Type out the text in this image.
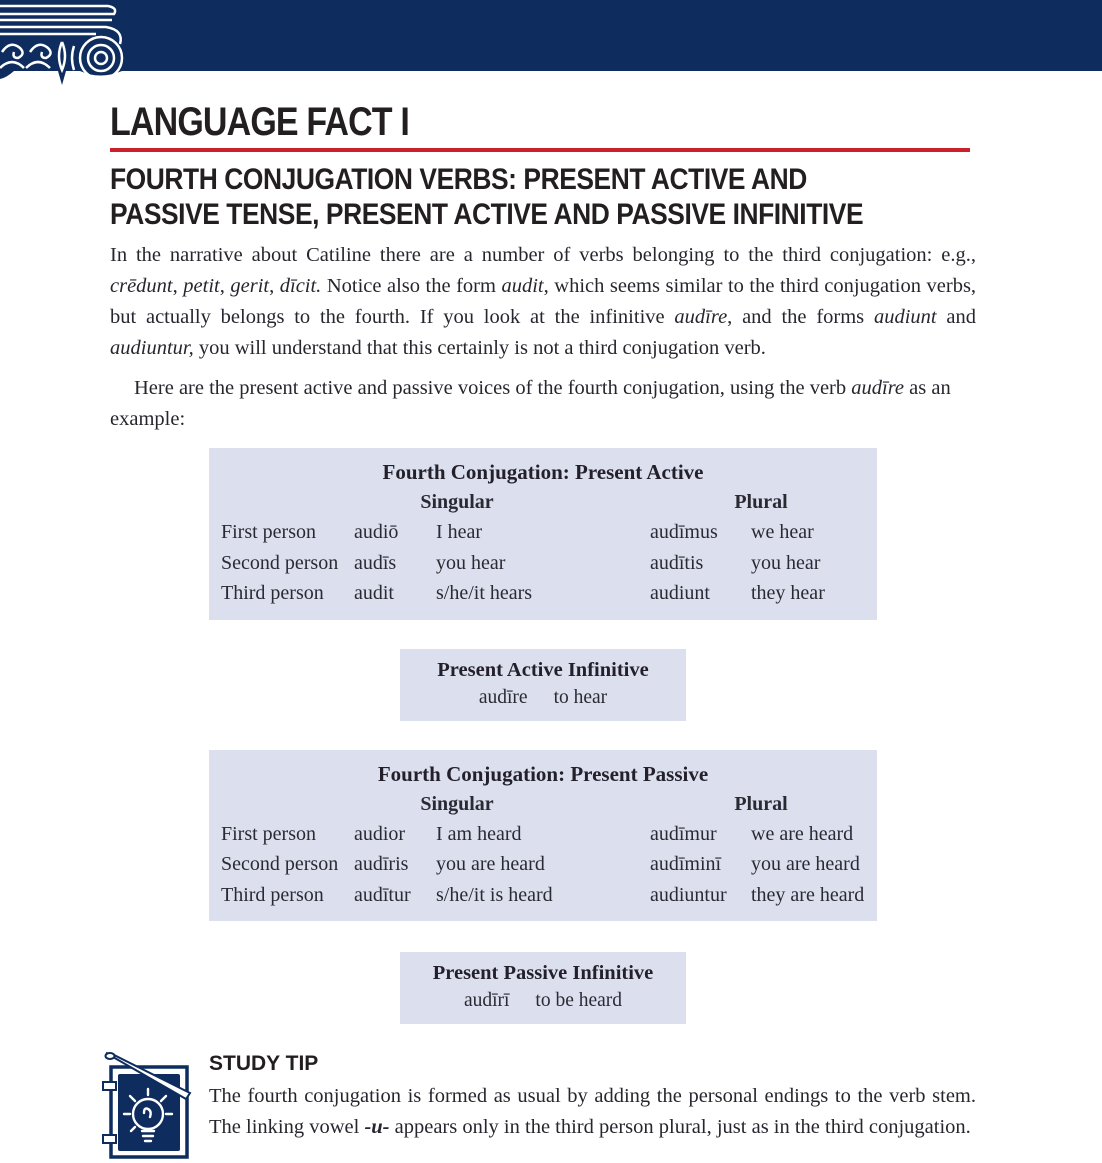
LANGUAGE FACT I
FOURTH CONJUGATION VERBS: PRESENT ACTIVE AND
PASSIVE TENSE, PRESENT ACTIVE AND PASSIVE INFINITIVE

In the narrative about Catiline there are a number of verbs belonging to the third conjugation: e.g., crēdunt, petit, gerit, dīcit. Notice also the form audit, which seems similar to the third conjugation verbs, but actually belongs to the fourth. If you look at the infinitive audīre, and the forms audiunt and audiuntur, you will understand that this certainly is not a third conjugation verb.

Here are the present active and passive voices of the fourth conjugation, using the verb audīre as an example:

Fourth Conjugation: Present Active
Singular	Plural
First person	audiō	I hear	audīmus	we hear
Second person audīs	you hear	audītis	you hear
Third person	audit	s/he/it hears	audiunt	they hear
Present Active Infinitive
audīre to hear
Fourth Conjugation: Present Passive
Singular	Plural
First person	audior	I am heard	audīmur	we are heard
Second person audīris	you are heard	audīminī	you are heard
Third person	audītur	s/he/it is heard	audiuntur	they are heard
Present Passive Infinitive
audīrī to be heard
STUDY TIP

The fourth conjugation is formed as usual by adding the personal endings to the verb stem. The linking vowel -u- appears only in the third person plural, just as in the third conjugation.
